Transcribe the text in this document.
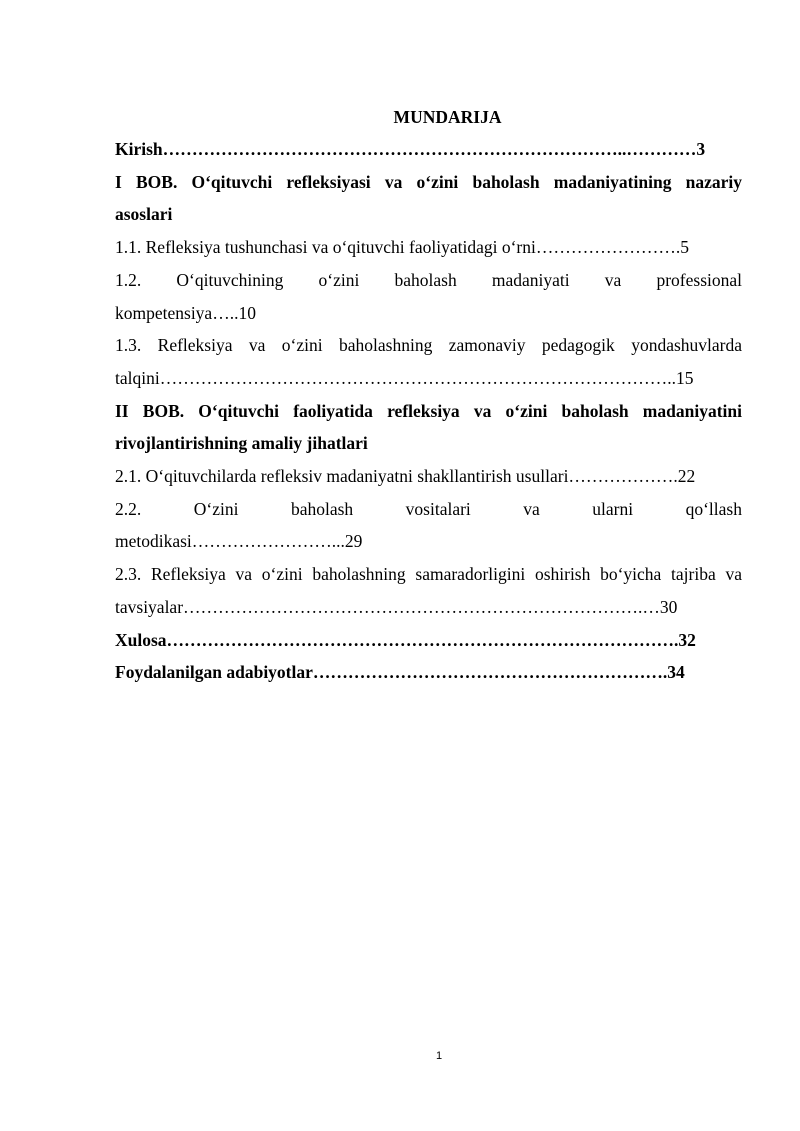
MUNDARIJA

Kirish……………………………………………………………………..…………3

I BOB. O‘qituvchi refleksiyasi va o‘zini baholash madaniyatining nazariy
asoslari

1.1. Refleksiya tushunchasi va o‘qituvchi faoliyatidagi o‘rni…………………….5

1.2. O‘qituvchining o‘zini baholash madaniyati va professional
kompetensiya…..10

1.3. Refleksiya va o‘zini baholashning zamonaviy pedagogik yondashuvlarda
talqini……………………………………………………………………………..15

II BOB. O‘qituvchi faoliyatida refleksiya va o‘zini baholash madaniyatini
rivojlantirishning amaliy jihatlari

2.1. O‘qituvchilarda refleksiv madaniyatni shakllantirish usullari……………….22

2.2. O‘zini baholash vositalari va ularni qo‘llash
metodikasi……………………...29

2.3. Refleksiya va o‘zini baholashning samaradorligini oshirish bo‘yicha tajriba va
tavsiyalar…………………………………………………………………….…30

Xulosa…………………………………………………………………………….32

Foydalanilgan adabiyotlar…………………………………………………….34

1
